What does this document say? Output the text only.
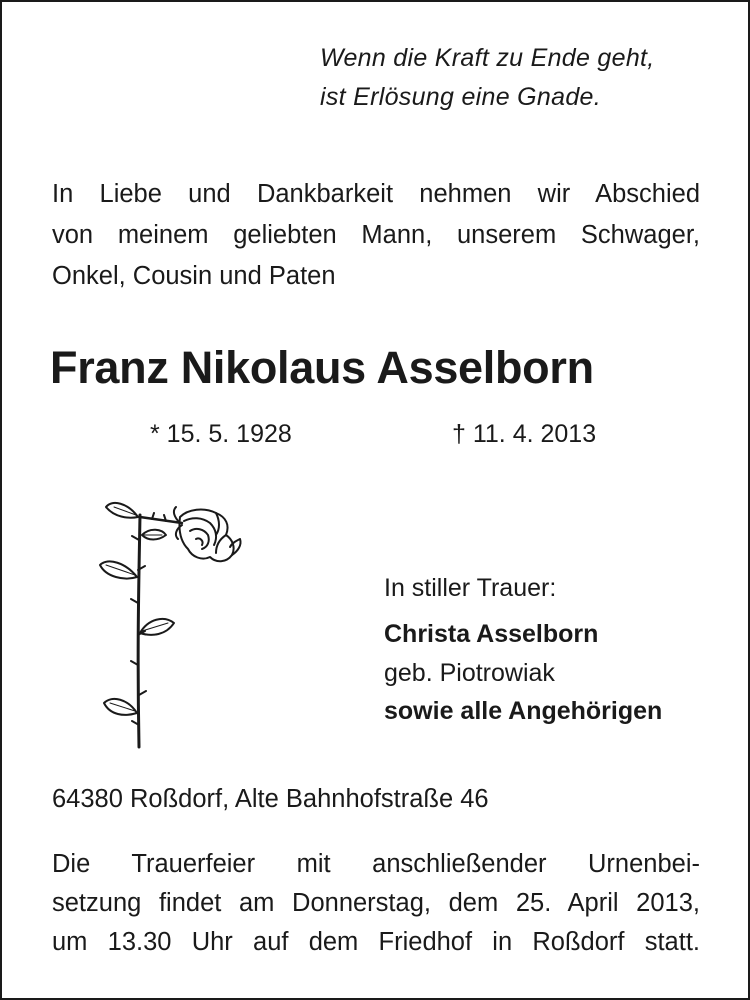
Wenn die Kraft zu Ende geht,
ist Erlösung eine Gnade.

In Liebe und Dankbarkeit nehmen wir Abschied

von meinem geliebten Mann, unserem Schwager,

Onkel, Cousin und Paten

Franz Nikolaus Asselborn
* 15. 5. 1928	† 11. 4. 2013
In stiller Trauer:
Christa Asselborn
geb. Piotrowiak
sowie alle Angehörigen
64380 Roßdorf, Alte Bahnhofstraße 46

Die Trauerfeier mit anschließender Urnenbei-

setzung findet am Donnerstag, dem 25. April 2013,

um 13.30 Uhr auf dem Friedhof in Roßdorf statt.
